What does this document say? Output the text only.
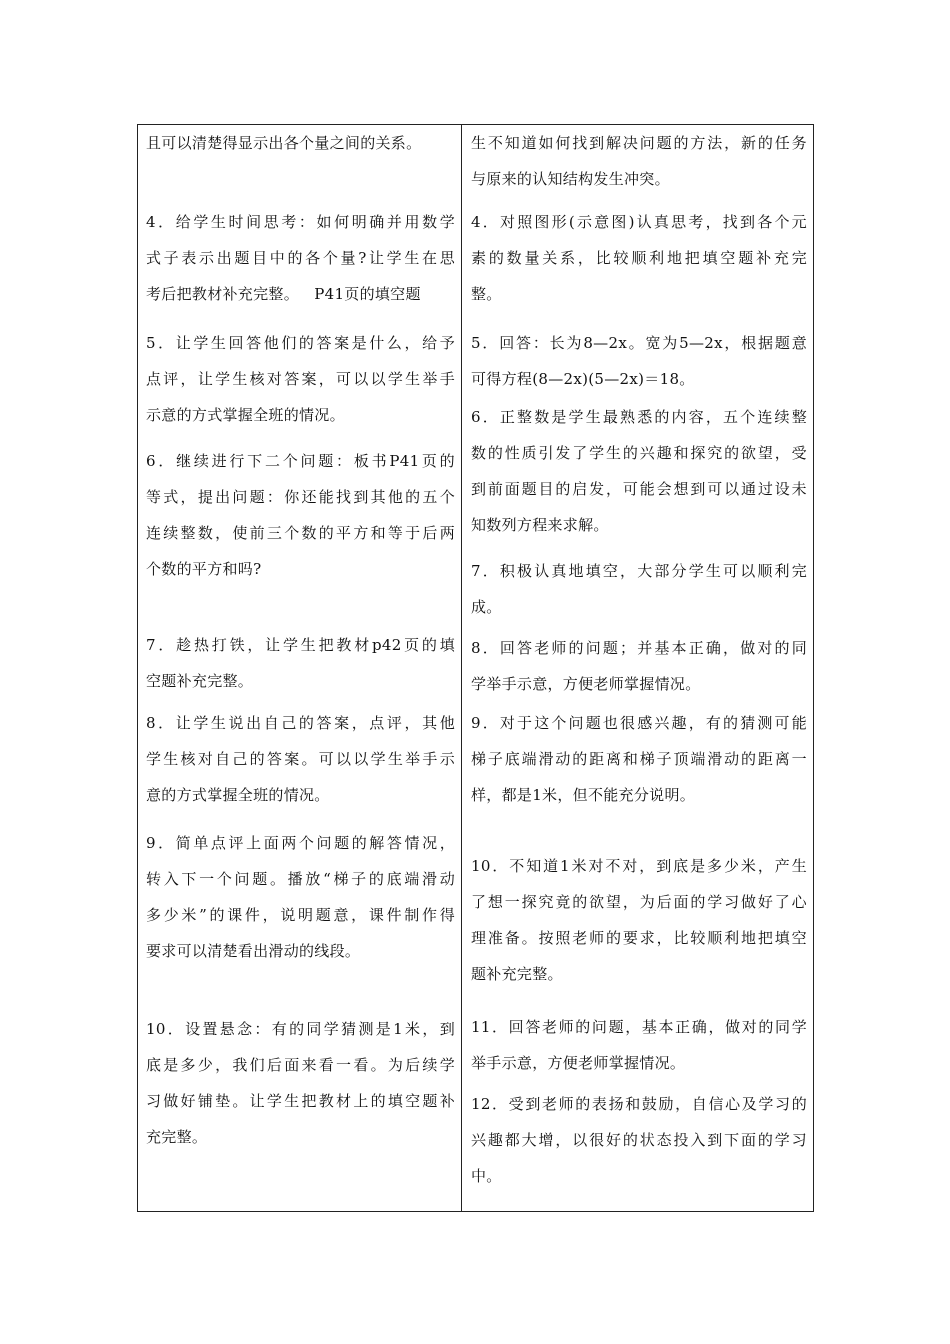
且可以清楚得显示出各个量之间的关系。
4．给学生时间思考：如何明确并用数学
式子表示出题目中的各个量?让学生在思
考后把教材补充完整。   P41页的填空题
5．让学生回答他们的答案是什么，给予
点评，让学生核对答案，可以以学生举手
示意的方式掌握全班的情况。
6．继续进行下二个问题：板书P41页的
等式，提出问题：你还能找到其他的五个
连续整数，使前三个数的平方和等于后两
个数的平方和吗?
7．趁热打铁，让学生把教材p42页的填
空题补充完整。
8．让学生说出自己的答案，点评，其他
学生核对自己的答案。可以以学生举手示
意的方式掌握全班的情况。
9．简单点评上面两个问题的解答情况，
转入下一个问题。播放“梯子的底端滑动
多少米”的课件，说明题意，课件制作得
要求可以清楚看出滑动的线段。
10．设置悬念：有的同学猜测是1米，到
底是多少，我们后面来看一看。为后续学
习做好铺垫。让学生把教材上的填空题补
充完整。
生不知道如何找到解决问题的方法，新的任务
与原来的认知结构发生冲突。
4．对照图形(示意图)认真思考，找到各个元
素的数量关系，比较顺利地把填空题补充完
整。
5．回答：长为8—2x。宽为5—2x，根据题意
可得方程(8—2x)(5—2x)＝18。
6．正整数是学生最熟悉的内容，五个连续整
数的性质引发了学生的兴趣和探究的欲望，受
到前面题目的启发，可能会想到可以通过设未
知数列方程来求解。
7．积极认真地填空，大部分学生可以顺利完
成。
8．回答老师的问题；并基本正确，做对的同
学举手示意，方便老师掌握情况。
9．对于这个问题也很感兴趣，有的猜测可能
梯子底端滑动的距离和梯子顶端滑动的距离一
样，都是1米，但不能充分说明。
10．不知道1米对不对，到底是多少米，产生
了想一探究竟的欲望，为后面的学习做好了心
理准备。按照老师的要求，比较顺利地把填空
题补充完整。
11．回答老师的问题，基本正确，做对的同学
举手示意，方便老师掌握情况。
12．受到老师的表扬和鼓励，自信心及学习的
兴趣都大增，以很好的状态投入到下面的学习
中。
